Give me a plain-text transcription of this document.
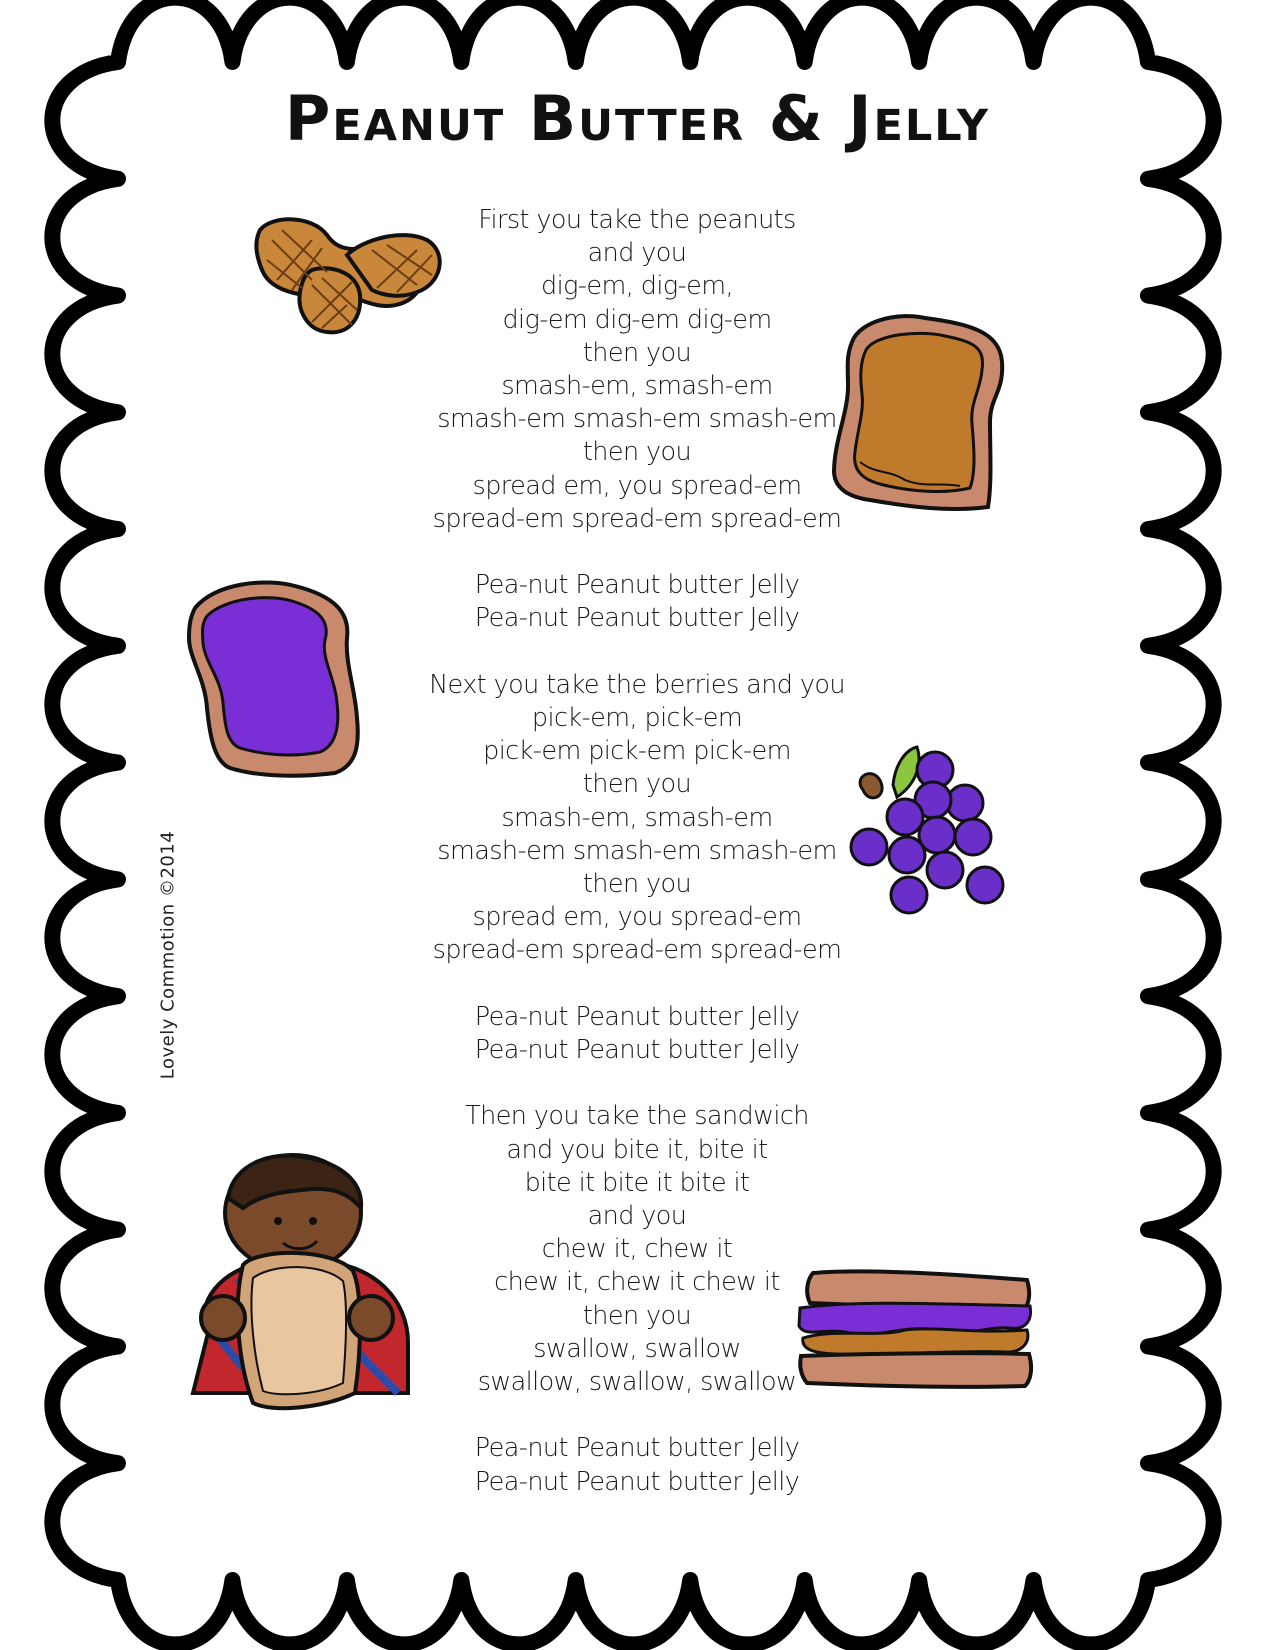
Peanut Butter & Jelly
First you take the peanuts
and you
dig-em, dig-em,
dig-em dig-em dig-em
then you
smash-em, smash-em
smash-em smash-em smash-em
then you
spread em, you spread-em
spread-em spread-em spread-em
Pea-nut Peanut butter Jelly
Pea-nut Peanut butter Jelly
Next you take the berries and you
pick-em, pick-em
pick-em pick-em pick-em
then you
smash-em, smash-em
smash-em smash-em smash-em
then you
spread em, you spread-em
spread-em spread-em spread-em
Pea-nut Peanut butter Jelly
Pea-nut Peanut butter Jelly
Then you take the sandwich
and you bite it, bite it
bite it bite it bite it
and you
chew it, chew it
chew it, chew it chew it
then you
swallow, swallow
swallow, swallow, swallow
Pea-nut Peanut butter Jelly
Pea-nut Peanut butter Jelly
Lovely Commotion ©2014
